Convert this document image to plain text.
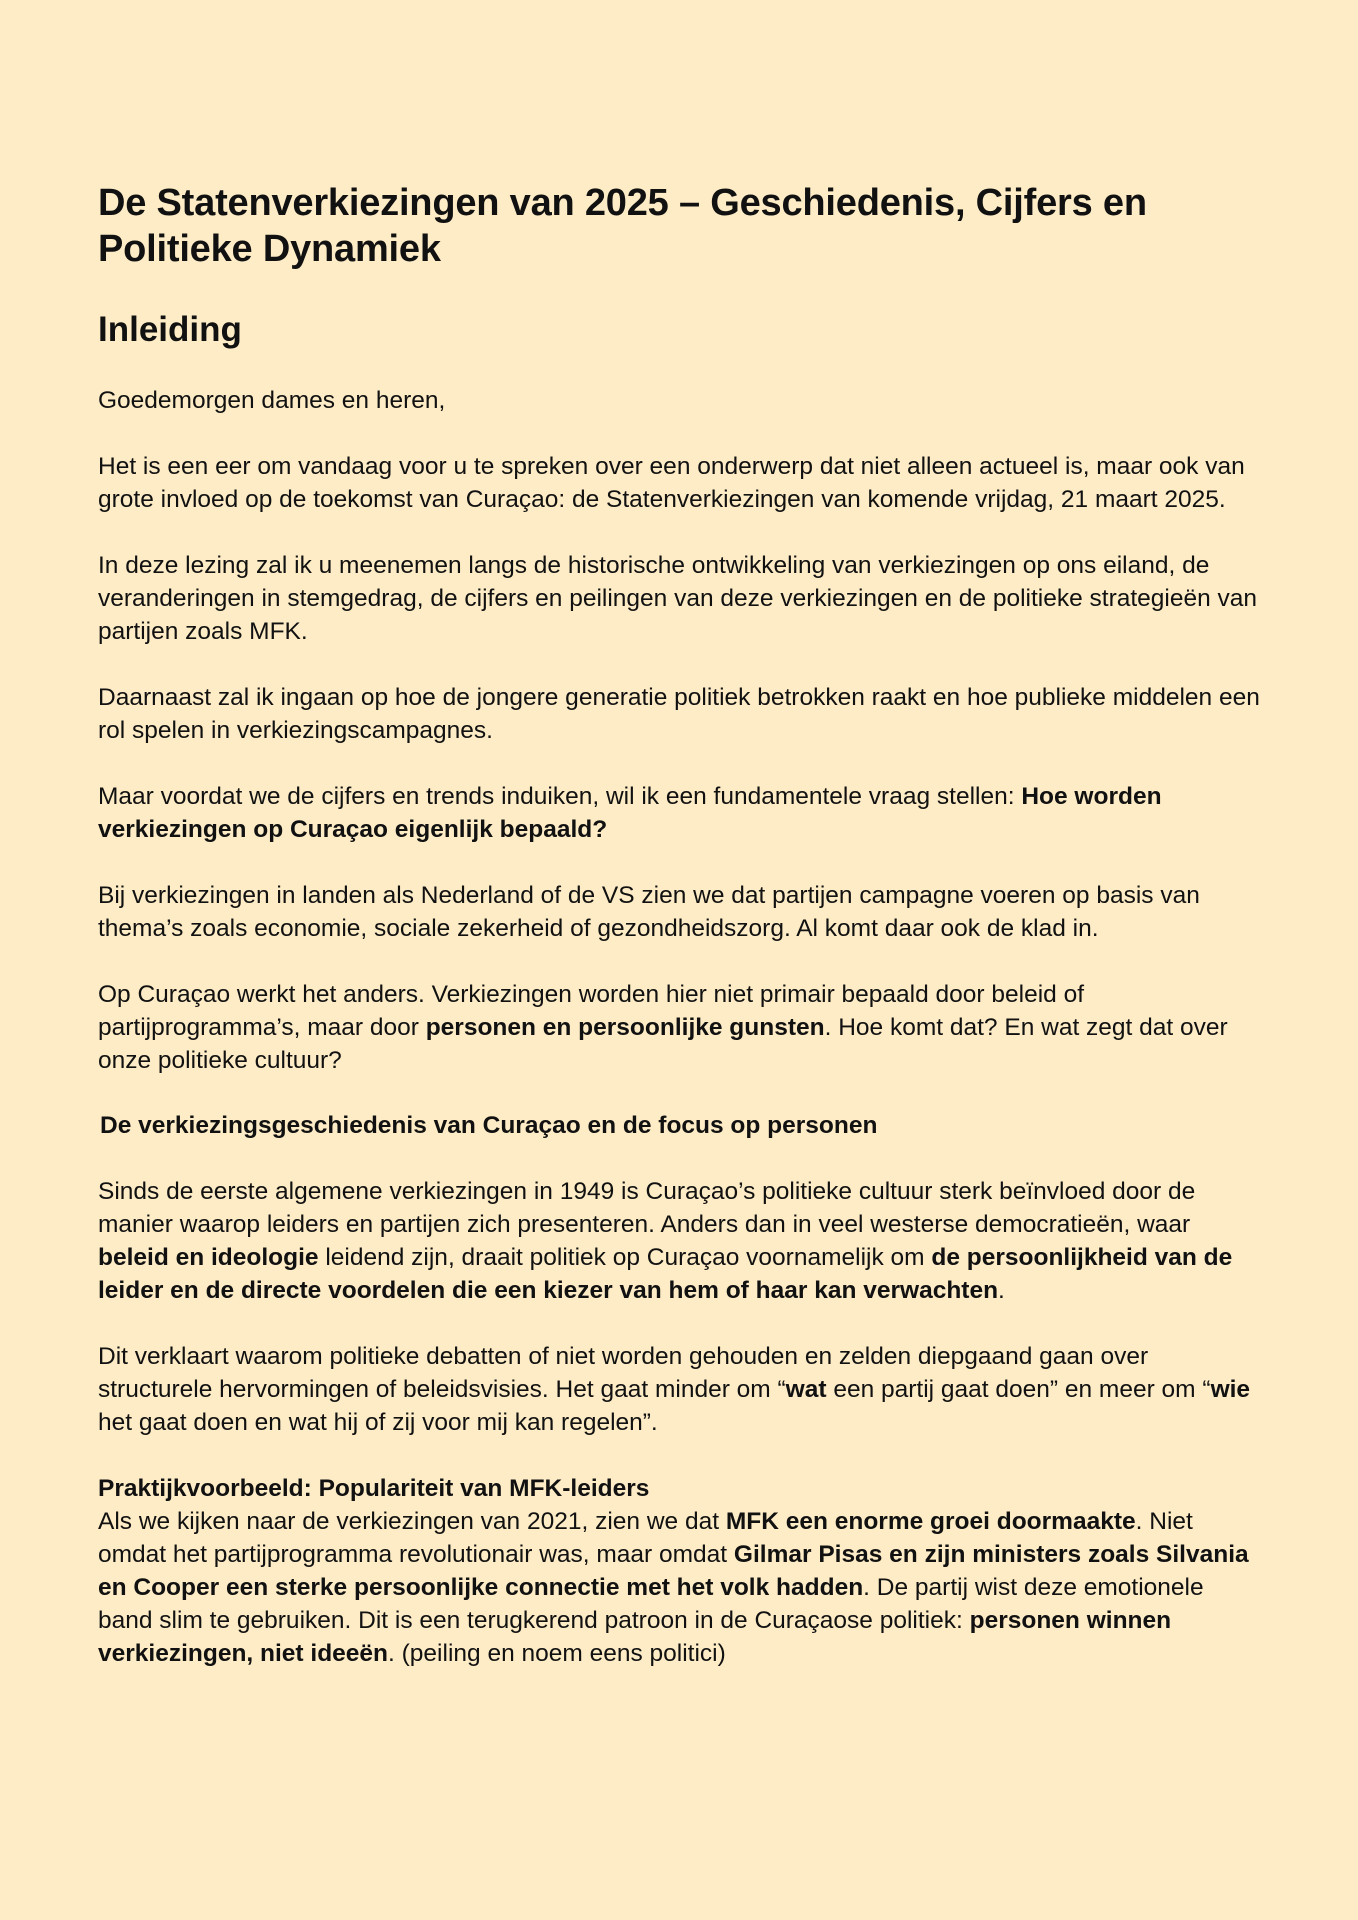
De Statenverkiezingen van 2025 – Geschiedenis, Cijfers en Politieke Dynamiek
Inleiding

Goedemorgen dames en heren,

Het is een eer om vandaag voor u te spreken over een onderwerp dat niet alleen actueel is, maar ook van grote invloed op de toekomst van Curaçao: de Statenverkiezingen van komende vrijdag, 21 maart 2025.

In deze lezing zal ik u meenemen langs de historische ontwikkeling van verkiezingen op ons eiland, de veranderingen in stemgedrag, de cijfers en peilingen van deze verkiezingen en de politieke strategieën van partijen zoals MFK.

Daarnaast zal ik ingaan op hoe de jongere generatie politiek betrokken raakt en hoe publieke middelen een rol spelen in verkiezingscampagnes.

Maar voordat we de cijfers en trends induiken, wil ik een fundamentele vraag stellen: Hoe worden verkiezingen op Curaçao eigenlijk bepaald?

Bij verkiezingen in landen als Nederland of de VS zien we dat partijen campagne voeren op basis van thema’s zoals economie, sociale zekerheid of gezondheidszorg. Al komt daar ook de klad in.

Op Curaçao werkt het anders. Verkiezingen worden hier niet primair bepaald door beleid of partijprogramma’s, maar door personen en persoonlijke gunsten. Hoe komt dat? En wat zegt dat over onze politieke cultuur?

De verkiezingsgeschiedenis van Curaçao en de focus op personen

Sinds de eerste algemene verkiezingen in 1949 is Curaçao’s politieke cultuur sterk beïnvloed door de manier waarop leiders en partijen zich presenteren. Anders dan in veel westerse democratieën, waar beleid en ideologie leidend zijn, draait politiek op Curaçao voornamelijk om de persoonlijkheid van de leider en de directe voordelen die een kiezer van hem of haar kan verwachten.

Dit verklaart waarom politieke debatten of niet worden gehouden en zelden diepgaand gaan over structurele hervormingen of beleidsvisies. Het gaat minder om “wat een partij gaat doen” en meer om “wie het gaat doen en wat hij of zij voor mij kan regelen”.

Praktijkvoorbeeld: Populariteit van MFK-leiders

Als we kijken naar de verkiezingen van 2021, zien we dat MFK een enorme groei doormaakte. Niet omdat het partijprogramma revolutionair was, maar omdat Gilmar Pisas en zijn ministers zoals Silvania en Cooper een sterke persoonlijke connectie met het volk hadden. De partij wist deze emotionele band slim te gebruiken. Dit is een terugkerend patroon in de Curaçaose politiek: personen winnen verkiezingen, niet ideeën. (peiling en noem eens politici)
